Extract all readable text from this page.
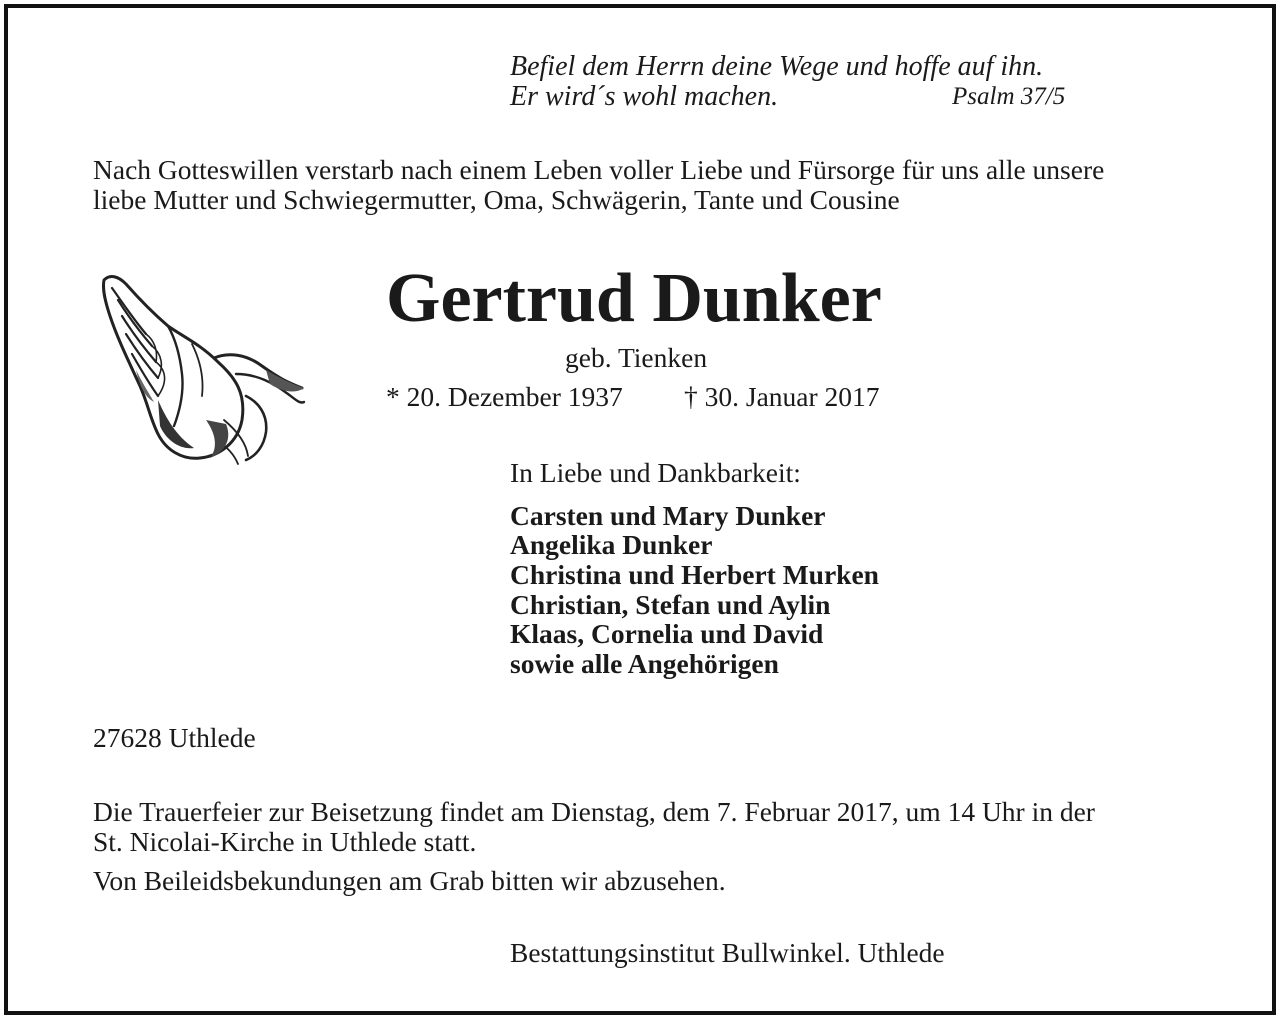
Befiel dem Herrn deine Wege und hoffe auf ihn.
Er wird´s wohl machen.	Psalm 37/5
Nach Gotteswillen verstarb nach einem Leben voller Liebe und Fürsorge für uns alle unsere
liebe Mutter und Schwiegermutter, Oma, Schwägerin, Tante und Cousine
Gertrud Dunker
geb. Tienken
* 20. Dezember 1937 † 30. Januar 2017
In Liebe und Dankbarkeit:
Carsten und Mary Dunker
Angelika Dunker
Christina und Herbert Murken
Christian, Stefan und Aylin
Klaas, Cornelia und David
sowie alle Angehörigen
27628 Uthlede
Die Trauerfeier zur Beisetzung findet am Dienstag, dem 7. Februar 2017, um 14 Uhr in der
St. Nicolai-Kirche in Uthlede statt.
Von Beileidsbekundungen am Grab bitten wir abzusehen.
Bestattungsinstitut Bullwinkel. Uthlede
